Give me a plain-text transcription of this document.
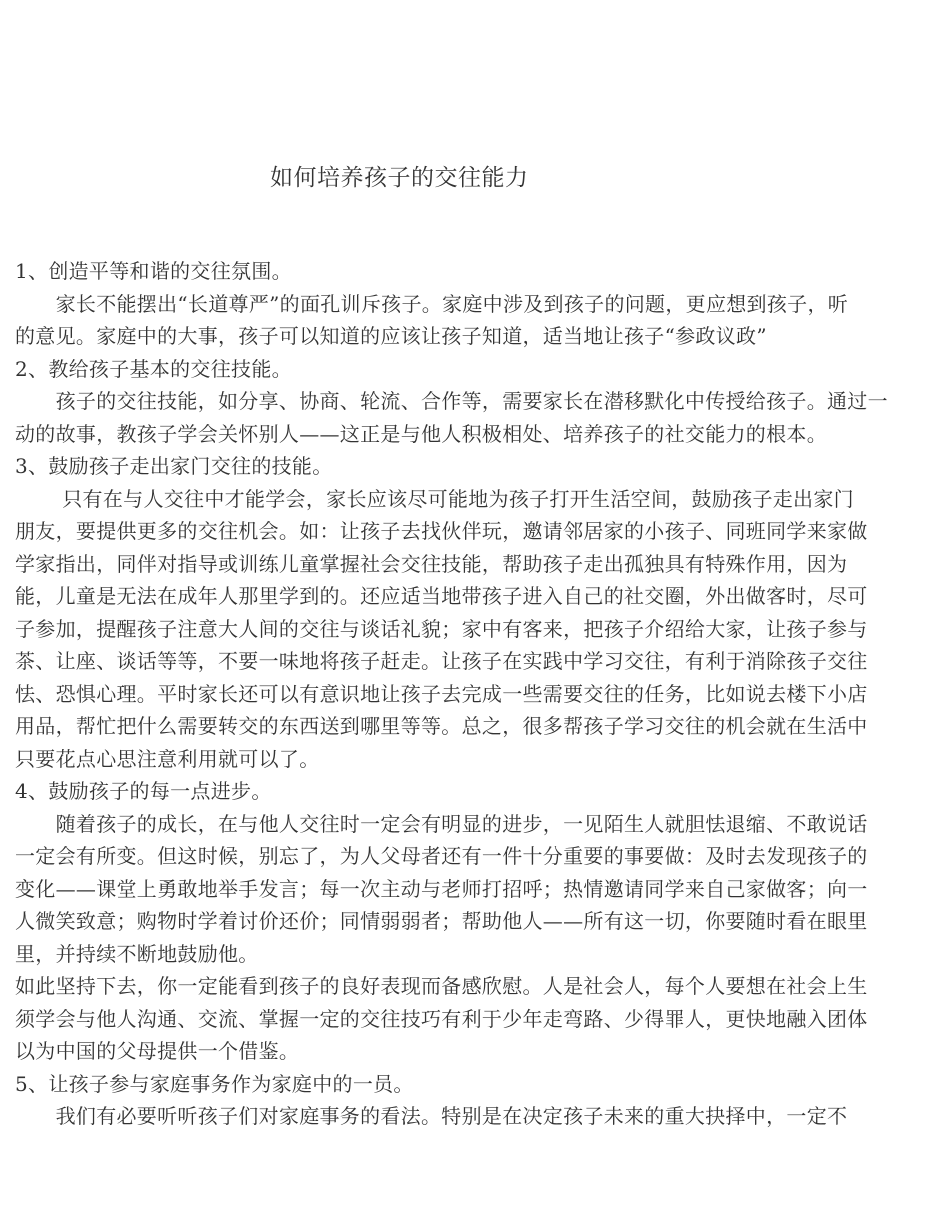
如何培养孩子的交往能力
1、创造平等和谐的交往氛围。
　　家长不能摆出“长道尊严”的面孔训斥孩子。家庭中涉及到孩子的问题，更应想到孩子，听
的意见。家庭中的大事，孩子可以知道的应该让孩子知道，适当地让孩子“参政议政”
2、教给孩子基本的交往技能。
　　孩子的交往技能，如分享、协商、轮流、合作等，需要家长在潜移默化中传授给孩子。通过一
动的故事，教孩子学会关怀别人——这正是与他人积极相处、培养孩子的社交能力的根本。
3、鼓励孩子走出家门交往的技能。
　　 只有在与人交往中才能学会，家长应该尽可能地为孩子打开生活空间，鼓励孩子走出家门
朋友，要提供更多的交往机会。如：让孩子去找伙伴玩，邀请邻居家的小孩子、同班同学来家做
学家指出，同伴对指导或训练儿童掌握社会交往技能，帮助孩子走出孤独具有特殊作用，因为
能，儿童是无法在成年人那里学到的。还应适当地带孩子进入自己的社交圈，外出做客时，尽可
子参加，提醒孩子注意大人间的交往与谈话礼貌；家中有客来，把孩子介绍给大家，让孩子参与
茶、让座、谈话等等，不要一味地将孩子赶走。让孩子在实践中学习交往，有利于消除孩子交往
怯、恐惧心理。平时家长还可以有意识地让孩子去完成一些需要交往的任务，比如说去楼下小店
用品，帮忙把什么需要转交的东西送到哪里等等。总之，很多帮孩子学习交往的机会就在生活中
只要花点心思注意利用就可以了。
4、鼓励孩子的每一点进步。
　　随着孩子的成长，在与他人交往时一定会有明显的进步，一见陌生人就胆怯退缩、不敢说话
一定会有所变。但这时候，别忘了，为人父母者还有一件十分重要的事要做：及时去发现孩子的
变化——课堂上勇敢地举手发言；每一次主动与老师打招呼；热情邀请同学来自己家做客；向一
人微笑致意；购物时学着讨价还价；同情弱弱者；帮助他人——所有这一切，你要随时看在眼里
里，并持续不断地鼓励他。
如此坚持下去，你一定能看到孩子的良好表现而备感欣慰。人是社会人，每个人要想在社会上生
须学会与他人沟通、交流、掌握一定的交往技巧有利于少年走弯路、少得罪人，更快地融入团体
以为中国的父母提供一个借鉴。
5、让孩子参与家庭事务作为家庭中的一员。
　　我们有必要听听孩子们对家庭事务的看法。特别是在决定孩子未来的重大抉择中，一定不
